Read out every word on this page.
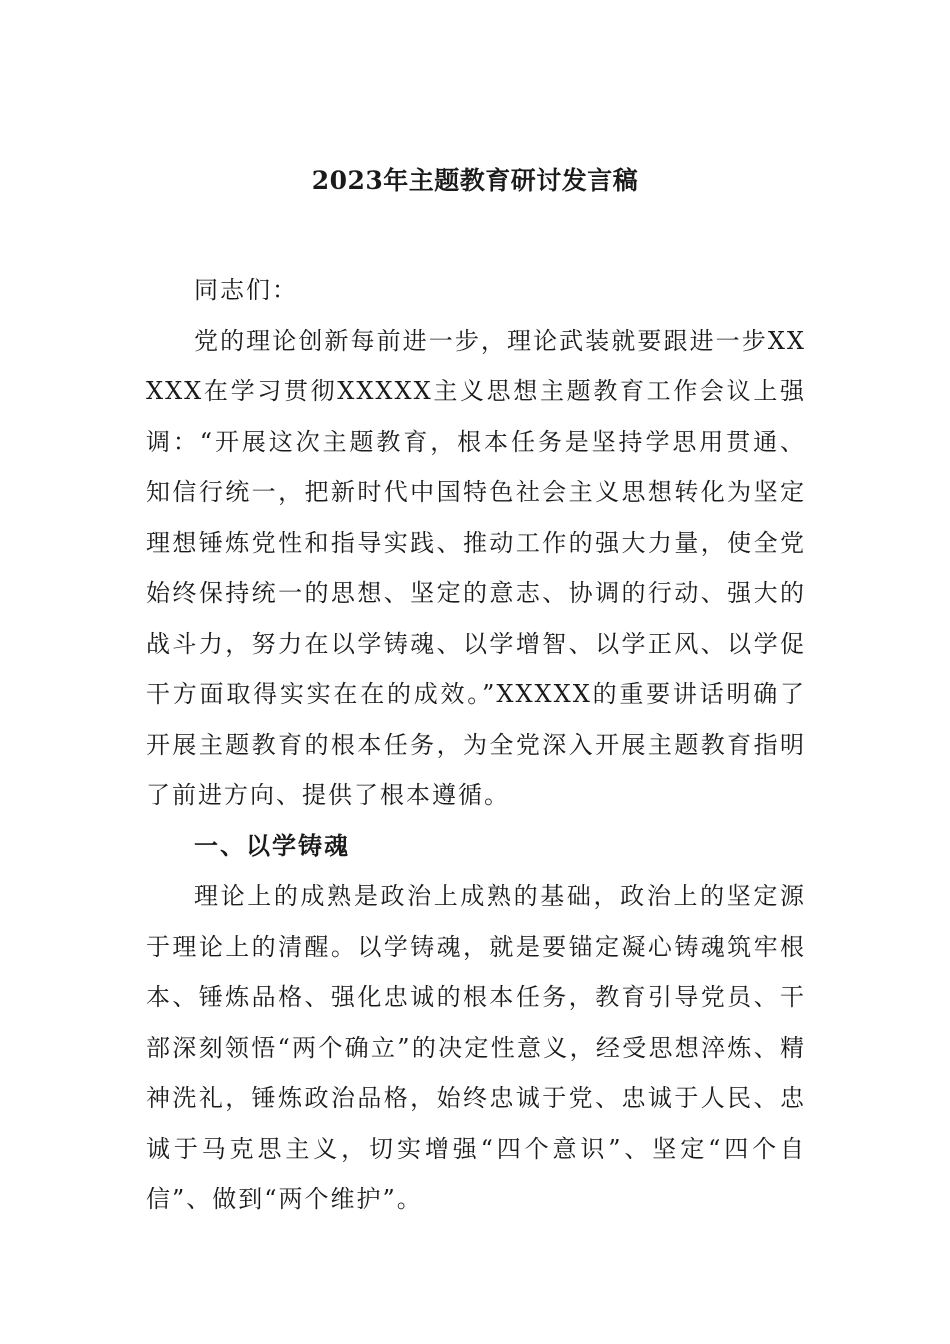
2023年主题教育研讨发言稿

同志们：

党的理论创新每前进一步，理论武装就要跟进一步XXXXX在学习贯彻XXXXX主义思想主题教育工作会议上强调：“开展这次主题教育，根本任务是坚持学思用贯通、知信行统一，把新时代中国特色社会主义思想转化为坚定理想锤炼党性和指导实践、推动工作的强大力量，使全党始终保持统一的思想、坚定的意志、协调的行动、强大的战斗力，努力在以学铸魂、以学增智、以学正风、以学促干方面取得实实在在的成效。”XXXXX的重要讲话明确了开展主题教育的根本任务，为全党深入开展主题教育指明了前进方向、提供了根本遵循。

一、以学铸魂

理论上的成熟是政治上成熟的基础，政治上的坚定源于理论上的清醒。以学铸魂，就是要锚定凝心铸魂筑牢根本、锤炼品格、强化忠诚的根本任务，教育引导党员、干部深刻领悟“两个确立”的决定性意义，经受思想淬炼、精神洗礼，锤炼政治品格，始终忠诚于党、忠诚于人民、忠诚于马克思主义，切实增强“四个意识”、坚定“四个自信”、做到“两个维护”。
